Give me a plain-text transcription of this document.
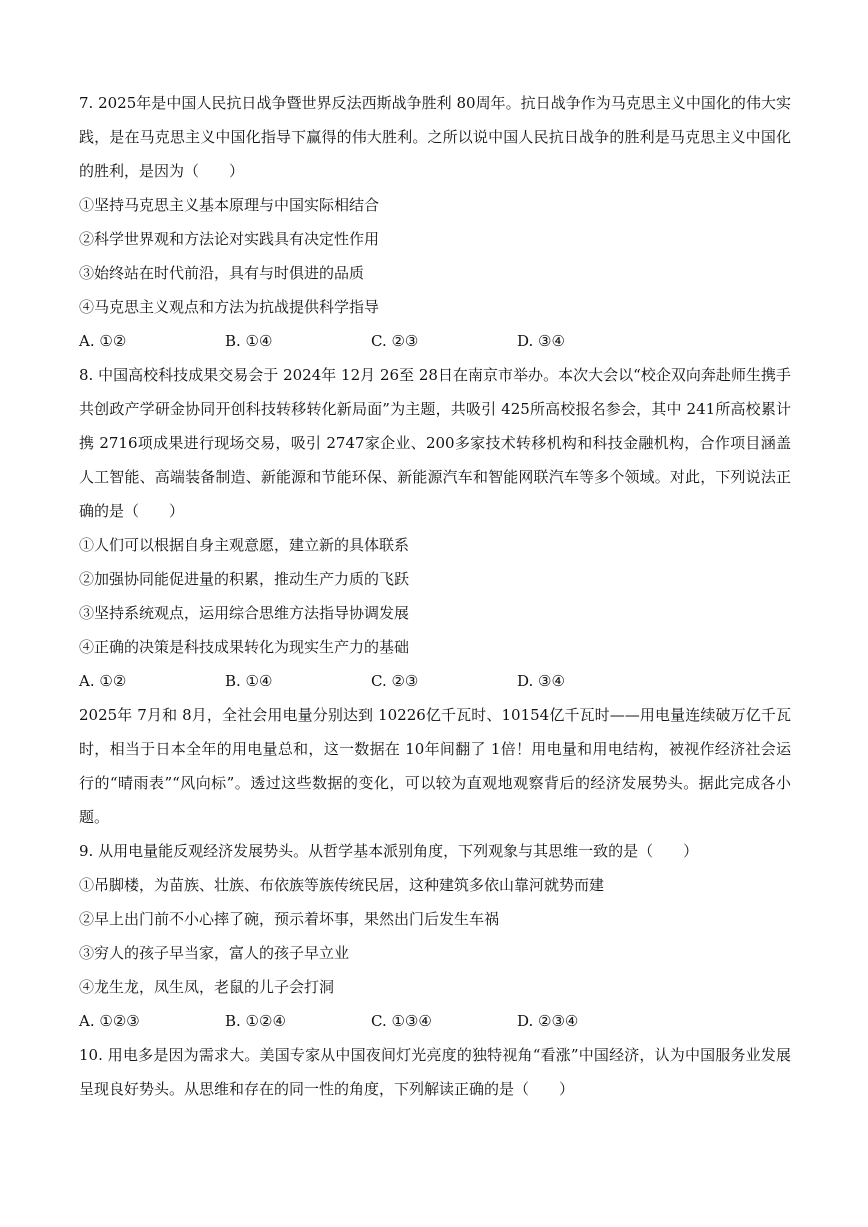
7. 2025年是中国人民抗日战争暨世界反法西斯战争胜利 80周年。抗日战争作为马克思主义中国化的伟大实践，是在马克思主义中国化指导下赢得的伟大胜利。之所以说中国人民抗日战争的胜利是马克思主义中国化的胜利，是因为（　　）
①坚持马克思主义基本原理与中国实际相结合
②科学世界观和方法论对实践具有决定性作用
③始终站在时代前沿，具有与时俱进的品质
④马克思主义观点和方法为抗战提供科学指导
A. ①②	B. ①④	C. ②③	D. ③④
8. 中国高校科技成果交易会于 2024年 12月 26至 28日在南京市举办。本次大会以“校企双向奔赴师生携手共创政产学研金协同开创科技转移转化新局面”为主题，共吸引 425所高校报名参会，其中 241所高校累计携 2716项成果进行现场交易，吸引 2747家企业、200多家技术转移机构和科技金融机构，合作项目涵盖人工智能、高端装备制造、新能源和节能环保、新能源汽车和智能网联汽车等多个领域。对此，下列说法正确的是（　　）
①人们可以根据自身主观意愿，建立新的具体联系
②加强协同能促进量的积累，推动生产力质的飞跃
③坚持系统观点，运用综合思维方法指导协调发展
④正确的决策是科技成果转化为现实生产力的基础
A. ①②	B. ①④	C. ②③	D. ③④
2025年 7月和 8月，全社会用电量分别达到 10226亿千瓦时、10154亿千瓦时——用电量连续破万亿千瓦时，相当于日本全年的用电量总和，这一数据在 10年间翻了 1倍！用电量和用电结构，被视作经济社会运行的“晴雨表”“风向标”。透过这些数据的变化，可以较为直观地观察背后的经济发展势头。据此完成各小题。
9. 从用电量能反观经济发展势头。从哲学基本派别角度，下列观象与其思维一致的是（　　）
①吊脚楼，为苗族、壮族、布依族等族传统民居，这种建筑多依山靠河就势而建
②早上出门前不小心摔了碗，预示着坏事，果然出门后发生车祸
③穷人的孩子早当家，富人的孩子早立业
④龙生龙，凤生凤，老鼠的儿子会打洞
A. ①②③	B. ①②④	C. ①③④	D. ②③④
10. 用电多是因为需求大。美国专家从中国夜间灯光亮度的独特视角“看涨”中国经济，认为中国服务业发展呈现良好势头。从思维和存在的同一性的角度，下列解读正确的是（　　）
